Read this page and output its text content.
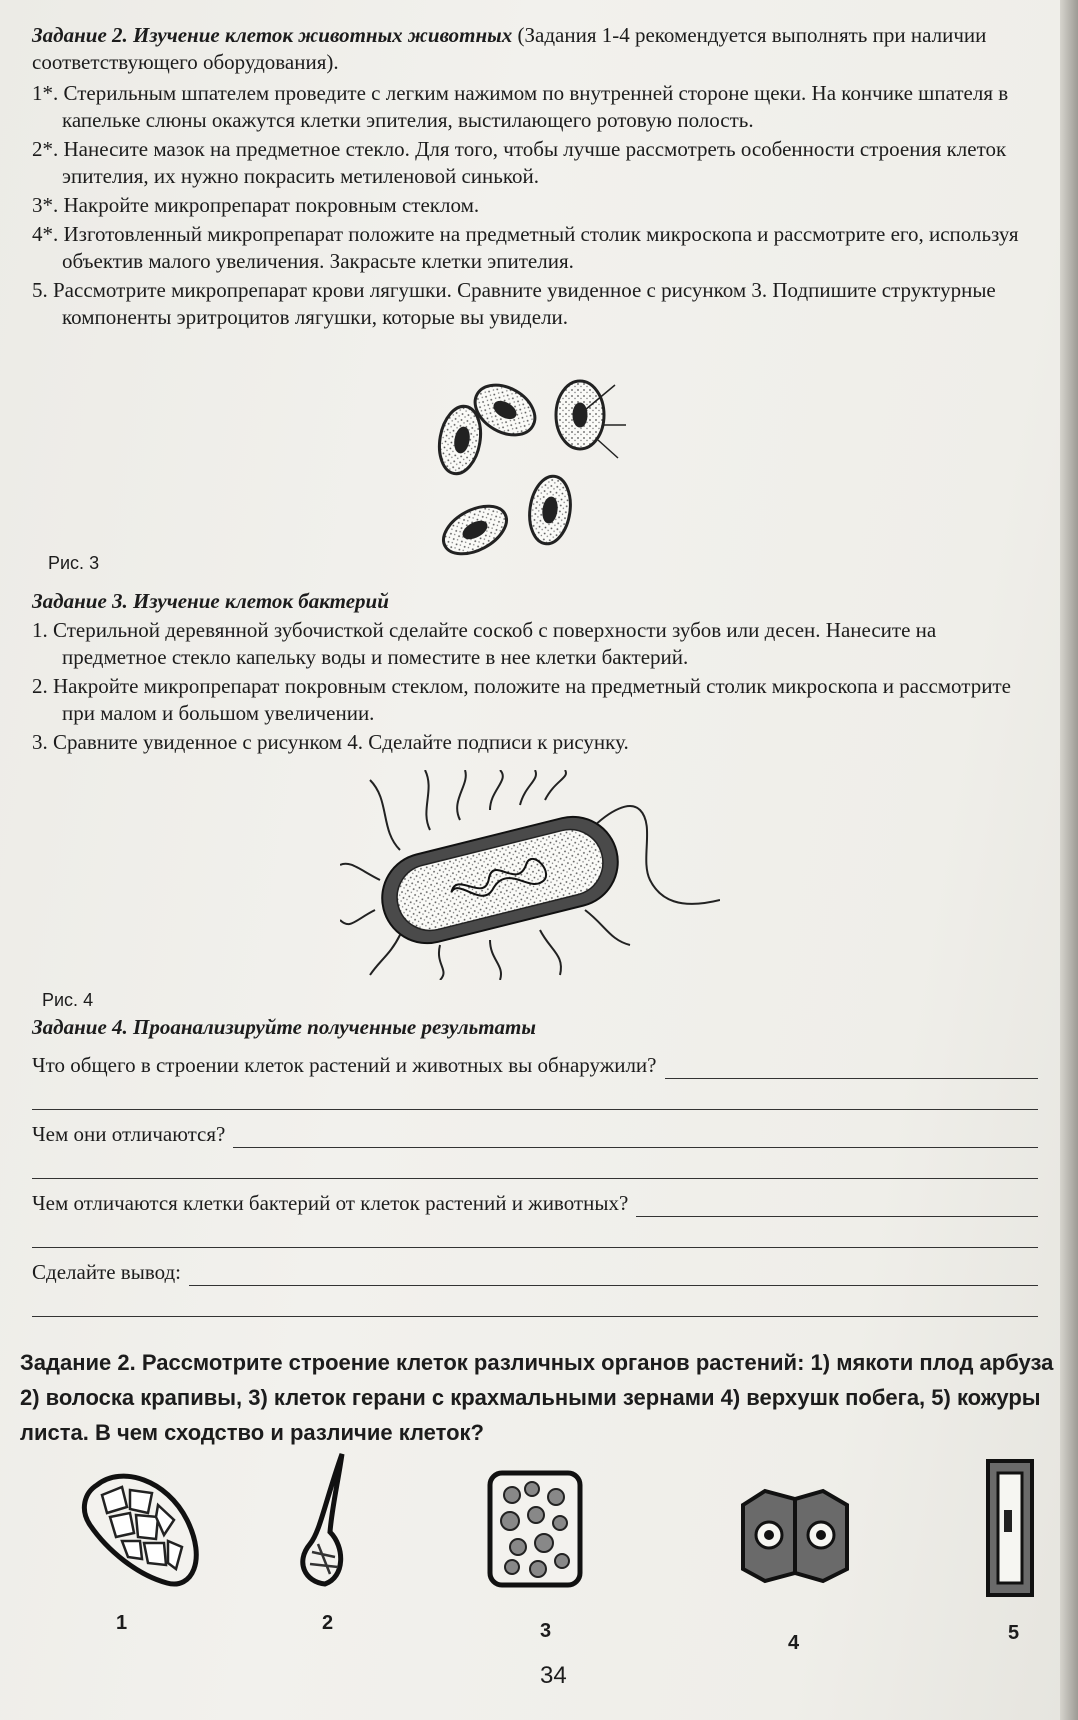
Задание 2. Изучение клеток животных животных (Задания 1-4 рекомендуется выполнять при наличии соответствующего оборудования).

1*. Стерильным шпателем проведите с легким нажимом по внутренней стороне щеки. На кончике шпателя в капельке слюны окажутся клетки эпителия, выстилающего ротовую полость.
2*. Нанесите мазок на предметное стекло. Для того, чтобы лучше рассмотреть особенности строения клеток эпителия, их нужно покрасить метиленовой синькой.
3*. Накройте микропрепарат покровным стеклом.
4*. Изготовленный микропрепарат положите на предметный столик микроскопа и рассмотрите его, используя объектив малого увеличения. Закрасьте клетки эпителия.
5. Рассмотрите микропрепарат крови лягушки. Сравните увиденное с рисунком 3. Подпишите структурные компоненты эритроцитов лягушки, которые вы увидели.
Рис. 3

Задание 3. Изучение клеток бактерий

1. Стерильной деревянной зубочисткой сделайте соскоб с поверхности зубов или десен. Нанесите на предметное стекло капельку воды и поместите в нее клетки бактерий.
2. Накройте микропрепарат покровным стеклом, положите на предметный столик микроскопа и рассмотрите при малом и большом увеличении.
3. Сравните увиденное с рисунком 4. Сделайте подписи к рисунку.
Рис. 4

Задание 4. Проанализируйте полученные результаты

Что общего в строении клеток растений и животных вы обнаружили?
Чем они отличаются?
Чем отличаются клетки бактерий от клеток растений и животных?
Сделайте вывод:
Задание 2. Рассмотрите строение клеток различных органов растений: 1) мякоти плод арбуза 2) волоска крапивы, 3) клеток герани с крахмальными зернами 4) верхушк побега, 5) кожуры листа. В чем сходство и различие клеток?
1	2	3
4	5
34
